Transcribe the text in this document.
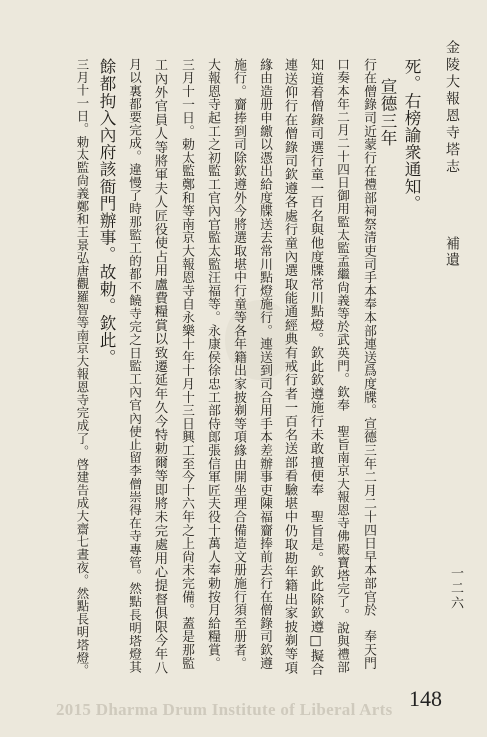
金陵大報恩寺塔志
補遺
一二六
死。右榜諭衆通知。
宣德三年
行在僧錄司近蒙行在禮部祠祭清吏司手本奉本部連送爲度牒。宣德三年二月二十四日早本部官於　奉天門
口奏本年二月二十四日御用監太監孟繼尙義等於武英門。欽奉　聖旨南京大報恩寺佛殿寶塔完了。說與禮部
知道着僧錄司選行童一百名與他度牒常川點燈。欽此欽遵施行未敢擅便奉　聖旨是。欽此除欽遵□擬合
連送仰行在僧錄司欽遵各處行童內選取能通經典有戒行者一百名送部看驗堪中仍取勘年籍出家披剃等項
緣由造册申繳以憑出給度牒送去常川點燈施行。連送到司合用手本差辦事吏陳福齎捧前去行在僧錄司欽遵
施行。齎捧到司除欽遵外今將選取堪中行童等各年籍出家披剃等項緣由開坐理合備造文册施行須至册者。
大報恩寺起工之初監工官內官監太監汪福等。永康侯徐忠工部侍郎張信軍匠夫役十萬人奉勅按月給糧賞。
三月十一日。勅太監鄭和等南京大報恩寺自永樂十年十月十三日興工至今十六年之上尙未完備。蓋是那監
工內外官員人等將軍夫人匠役使占用盧費糧賞以致遷延年久今特勅爾等即將未完處用心提督俱限今年八
月以裏都要完成。違慢了時那監工的都不饒寺完之日監工內官內使止留李僧崇得在寺專管。然點長明塔燈其
餘都拘入內府該衙門辦事。故勅。欽此。
三月十一日。勅太監尙義鄭和王景弘唐觀羅智等南京大報恩寺完成了。啓建告成大齋七晝夜。然點長明塔燈。
148
2015 Dharma Drum Institute of Liberal Arts
